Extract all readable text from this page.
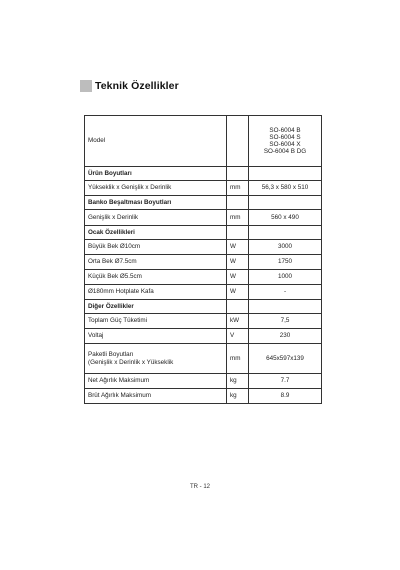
Teknik Özellikler
Model		SO-6004 B
SO-6004 S
SO-6004 X
SO-6004 B DG

Ürün Boyutları		
Yükseklik x Genişlik x Derinlik	mm	56,3 x 580 x 510
Banko Beşaltması Boyutları		
Genişlik x Derinlik	mm	560 x 490
Ocak Özellikleri		
Büyük Bek Ø10cm	W	3000
Orta Bek Ø7.5cm	W	1750
Küçük Bek Ø5.5cm	W	1000
Ø180mm Hotplate Kafa	W	-
Diğer Özellikler		
Toplam Güç Tüketimi	kW	7,5
Voltaj	V	230

Paketli Boyutları
(Genişlik x Derinlik x Yükseklik	mm	645x597x139
Net Ağırlık Maksimum	kg	7.7
Brüt Ağırlık Maksimum	kg	8.9
TR - 12
